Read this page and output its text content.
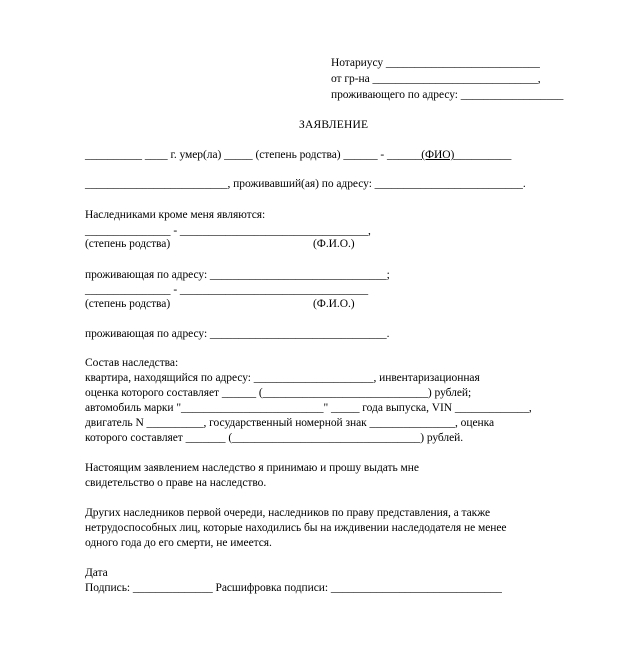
Нотариусу ___________________________
от гр-на _____________________________,
проживающего по адресу: __________________
ЗАЯВЛЕНИЕ
__________ ____ г. умер(ла) _____ (степень родства) ______ - ______(ФИО)__________
_________________________, проживавший(ая) по адресу: __________________________.
Наследниками кроме меня являются:
_______________ - _________________________________,
(степень родства)	(Ф.И.О.)
проживающая по адресу: _______________________________;
_______________ - _________________________________
(степень родства)	(Ф.И.О.)
проживающая по адресу: _______________________________.
Состав наследства:
квартира, находящийся по адресу: _____________________, инвентаризационная
оценка которого составляет ______ (_____________________________) рублей;
автомобиль марки "_________________________" _____ года выпуска, VIN _____________,
двигатель N __________, государственный номерной знак _______________, оценка
которого составляет _______ (_________________________________) рублей.
Настоящим заявлением наследство я принимаю и прошу выдать мне
свидетельство о праве на наследство.
Других наследников первой очереди, наследников по праву представления, а также
нетрудоспособных лиц, которые находились бы на иждивении наследодателя не менее
одного года до его смерти, не имеется.
Дата
Подпись: ______________ Расшифровка подписи: ______________________________
